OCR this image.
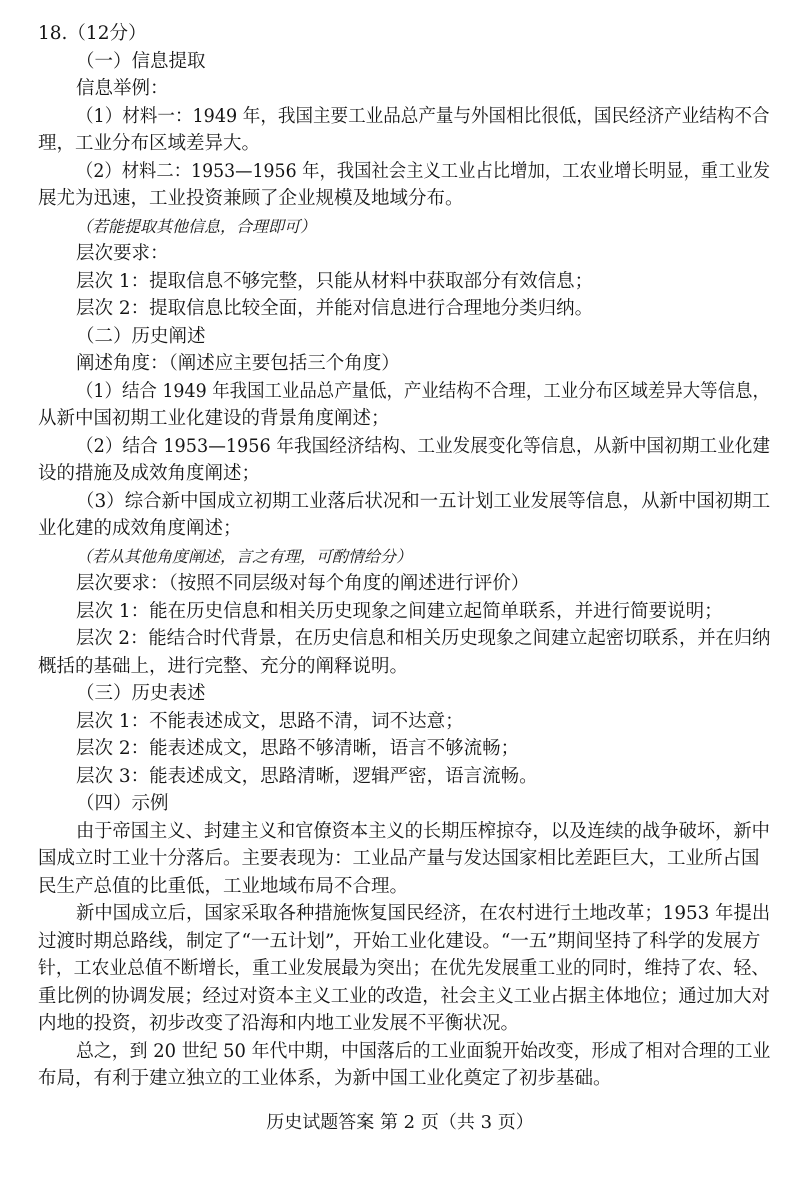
18.（12分）
（一）信息提取
信息举例：
（1）材料一：1949 年，我国主要工业品总产量与外国相比很低，国民经济产业结构不合
理，工业分布区域差异大。
（2）材料二：1953—1956 年，我国社会主义工业占比增加，工农业增长明显，重工业发
展尤为迅速，工业投资兼顾了企业规模及地域分布。
（若能提取其他信息，合理即可）
层次要求：
层次 1：提取信息不够完整，只能从材料中获取部分有效信息；
层次 2：提取信息比较全面，并能对信息进行合理地分类归纳。
（二）历史阐述
阐述角度：（阐述应主要包括三个角度）
（1）结合 1949 年我国工业品总产量低，产业结构不合理，工业分布区域差异大等信息，
从新中国初期工业化建设的背景角度阐述；
（2）结合 1953—1956 年我国经济结构、工业发展变化等信息，从新中国初期工业化建
设的措施及成效角度阐述；
（3）综合新中国成立初期工业落后状况和一五计划工业发展等信息，从新中国初期工
业化建的成效角度阐述；
（若从其他角度阐述，言之有理，可酌情给分）
层次要求：（按照不同层级对每个角度的阐述进行评价）
层次 1：能在历史信息和相关历史现象之间建立起简单联系，并进行简要说明；
层次 2：能结合时代背景，在历史信息和相关历史现象之间建立起密切联系，并在归纳
概括的基础上，进行完整、充分的阐释说明。
（三）历史表述
层次 1：不能表述成文，思路不清，词不达意；
层次 2：能表述成文，思路不够清晰，语言不够流畅；
层次 3：能表述成文，思路清晰，逻辑严密，语言流畅。
（四）示例
由于帝国主义、封建主义和官僚资本主义的长期压榨掠夺，以及连续的战争破坏，新中
国成立时工业十分落后。主要表现为：工业品产量与发达国家相比差距巨大，工业所占国
民生产总值的比重低，工业地域布局不合理。
新中国成立后，国家采取各种措施恢复国民经济，在农村进行土地改革；1953 年提出
过渡时期总路线，制定了“一五计划”，开始工业化建设。“一五”期间坚持了科学的发展方
针，工农业总值不断增长，重工业发展最为突出；在优先发展重工业的同时，维持了农、轻、
重比例的协调发展；经过对资本主义工业的改造，社会主义工业占据主体地位；通过加大对
内地的投资，初步改变了沿海和内地工业发展不平衡状况。
总之，到 20 世纪 50 年代中期，中国落后的工业面貌开始改变，形成了相对合理的工业
布局，有利于建立独立的工业体系，为新中国工业化奠定了初步基础。
历史试题答案 第 2 页（共 3 页）
